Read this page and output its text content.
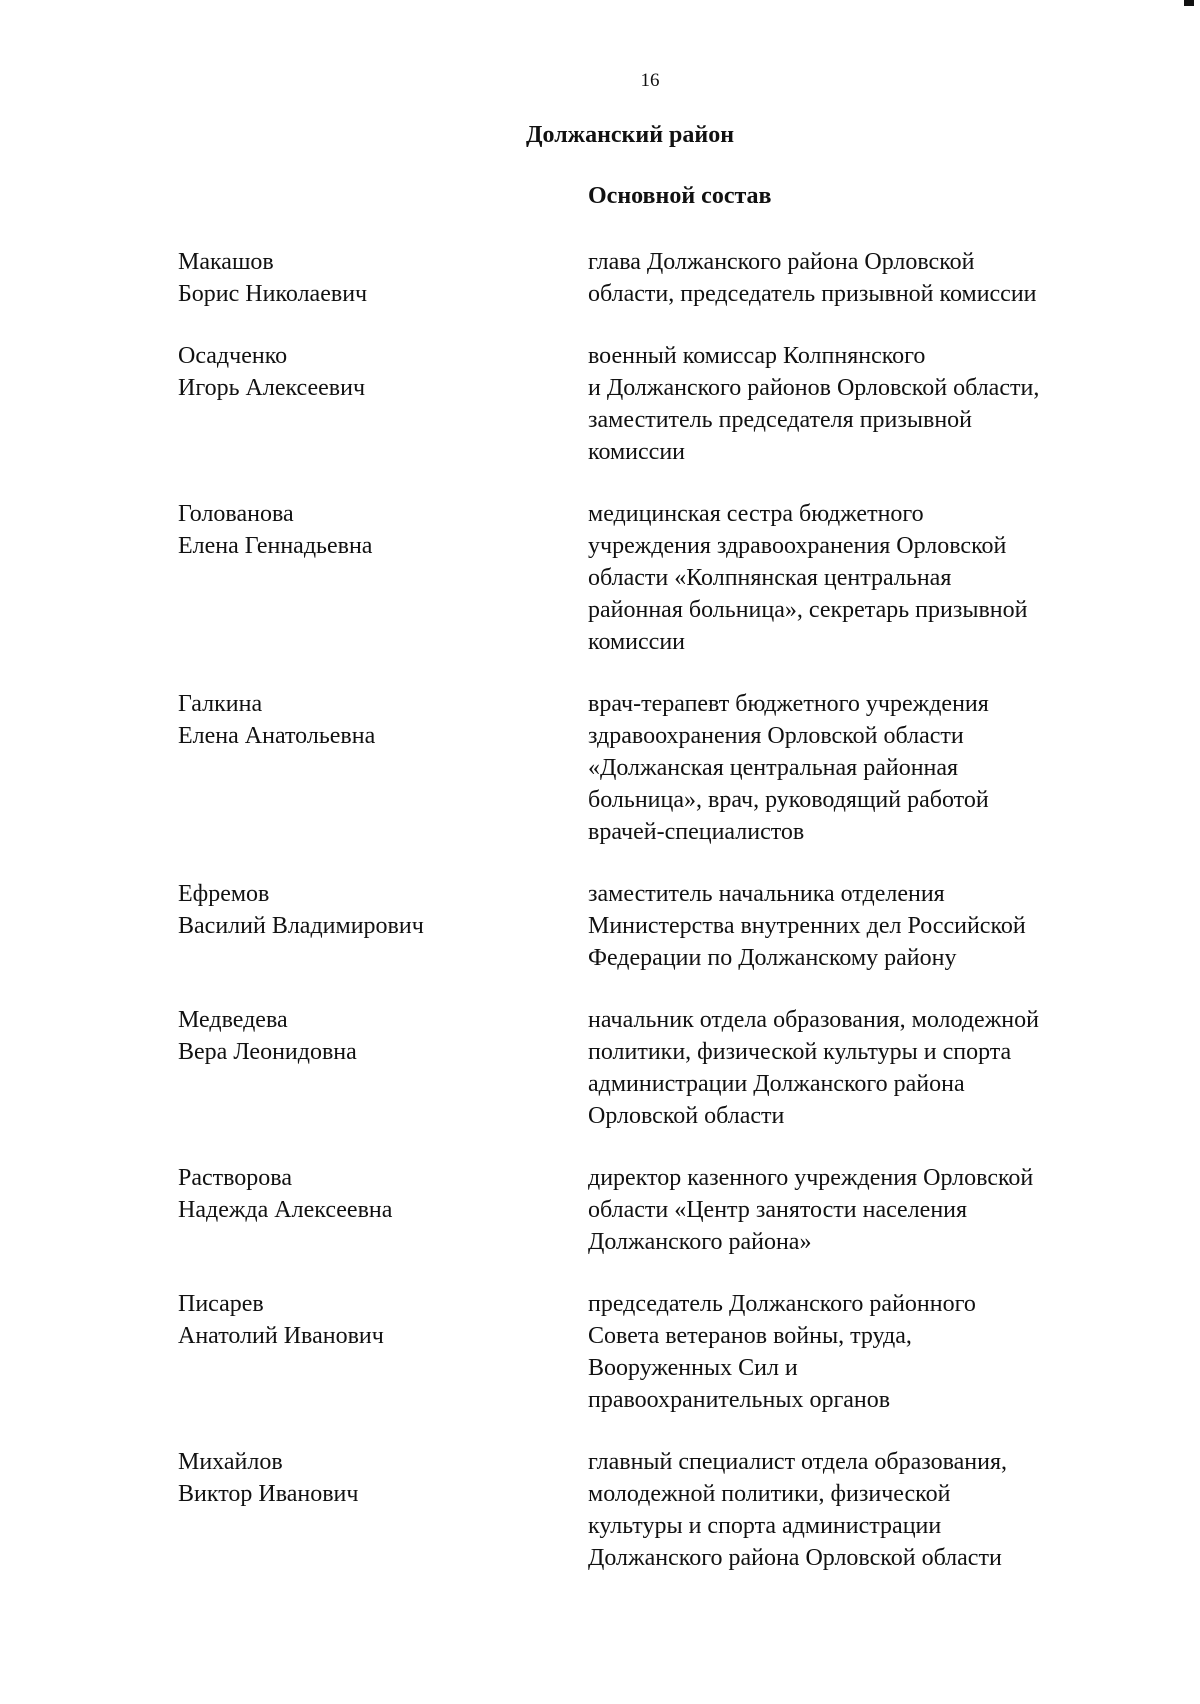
16
Должанский район
Основной состав
Макашов
Борис Николаевич
глава Должанского района Орловской
области, председатель призывной комиссии
Осадченко
Игорь Алексеевич
военный комиссар Колпнянского
и Должанского районов Орловской области,
заместитель председателя призывной
комиссии
Голованова
Елена Геннадьевна
медицинская сестра бюджетного
учреждения здравоохранения Орловской
области «Колпнянская центральная
районная больница», секретарь призывной
комиссии
Галкина
Елена Анатольевна
врач-терапевт бюджетного учреждения
здравоохранения Орловской области
«Должанская центральная районная
больница», врач, руководящий работой
врачей-специалистов
Ефремов
Василий Владимирович
заместитель начальника отделения
Министерства внутренних дел Российской
Федерации по Должанскому району
Медведева
Вера Леонидовна
начальник отдела образования, молодежной
политики, физической культуры и спорта
администрации Должанского района
Орловской области
Растворова
Надежда Алексеевна
директор казенного учреждения Орловской
области «Центр занятости населения
Должанского района»
Писарев
Анатолий Иванович
председатель Должанского районного
Совета ветеранов войны, труда,
Вооруженных Сил и
правоохранительных органов
Михайлов
Виктор Иванович
главный специалист отдела образования,
молодежной политики, физической
культуры и спорта администрации
Должанского района Орловской области
